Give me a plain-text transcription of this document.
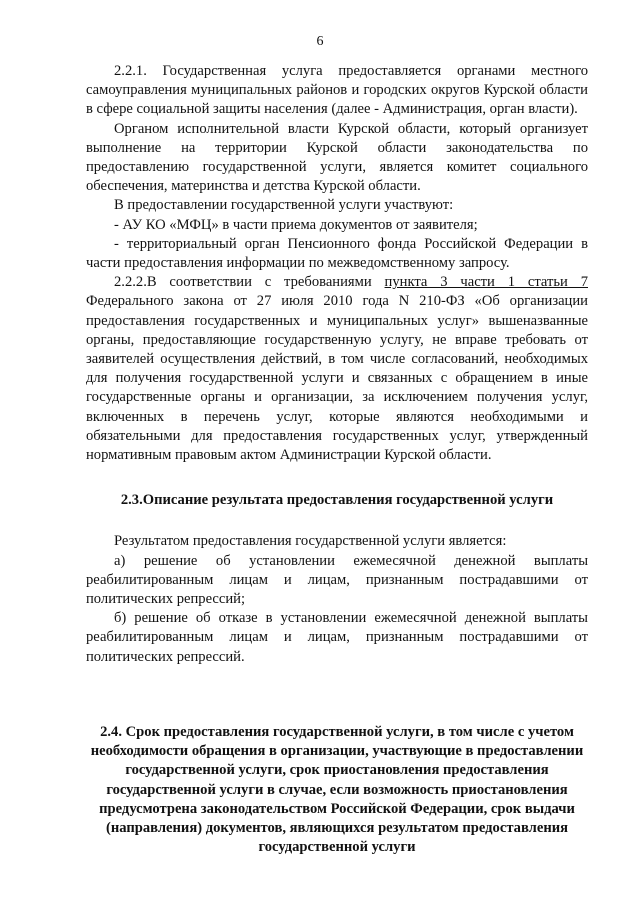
6

2.2.1. Государственная услуга предоставляется органами местного самоуправления муниципальных районов и городских округов Курской области в сфере социальной защиты населения (далее - Администрация, орган власти).

Органом исполнительной власти Курской области, который организует выполнение на территории Курской области законодательства по предоставлению государственной услуги, является комитет социального обеспечения, материнства и детства Курской области.

В предоставлении государственной услуги участвуют:

- АУ КО «МФЦ» в части приема документов от заявителя;

- территориальный орган Пенсионного фонда Российской Федерации в части предоставления информации по межведомственному запросу.

2.2.2.В соответствии с требованиями пункта 3 части 1 статьи 7 Федерального закона от 27 июля 2010 года N 210-ФЗ «Об организации предоставления государственных и муниципальных услуг» вышеназванные органы, предоставляющие государственную услугу, не вправе требовать от заявителей осуществления действий, в том числе согласований, необходимых для получения государственной услуги и связанных с обращением в иные государственные органы и организации, за исключением получения услуг, включенных в перечень услуг, которые являются необходимыми и обязательными для предоставления государственных услуг, утвержденный нормативным правовым актом Администрации Курской области.

2.3.Описание результата предоставления государственной услуги

Результатом предоставления государственной услуги является:

а) решение об установлении ежемесячной денежной выплаты реабилитированным лицам и лицам, признанным пострадавшими от политических репрессий;

б) решение об отказе в установлении ежемесячной денежной выплаты реабилитированным лицам и лицам, признанным пострадавшими от политических репрессий.

2.4. Срок предоставления государственной услуги, в том числе с учетом необходимости обращения в организации, участвующие в предоставлении государственной услуги, срок приостановления предоставления государственной услуги в случае, если возможность приостановления предусмотрена законодательством Российской Федерации, срок выдачи (направления) документов, являющихся результатом предоставления государственной услуги
